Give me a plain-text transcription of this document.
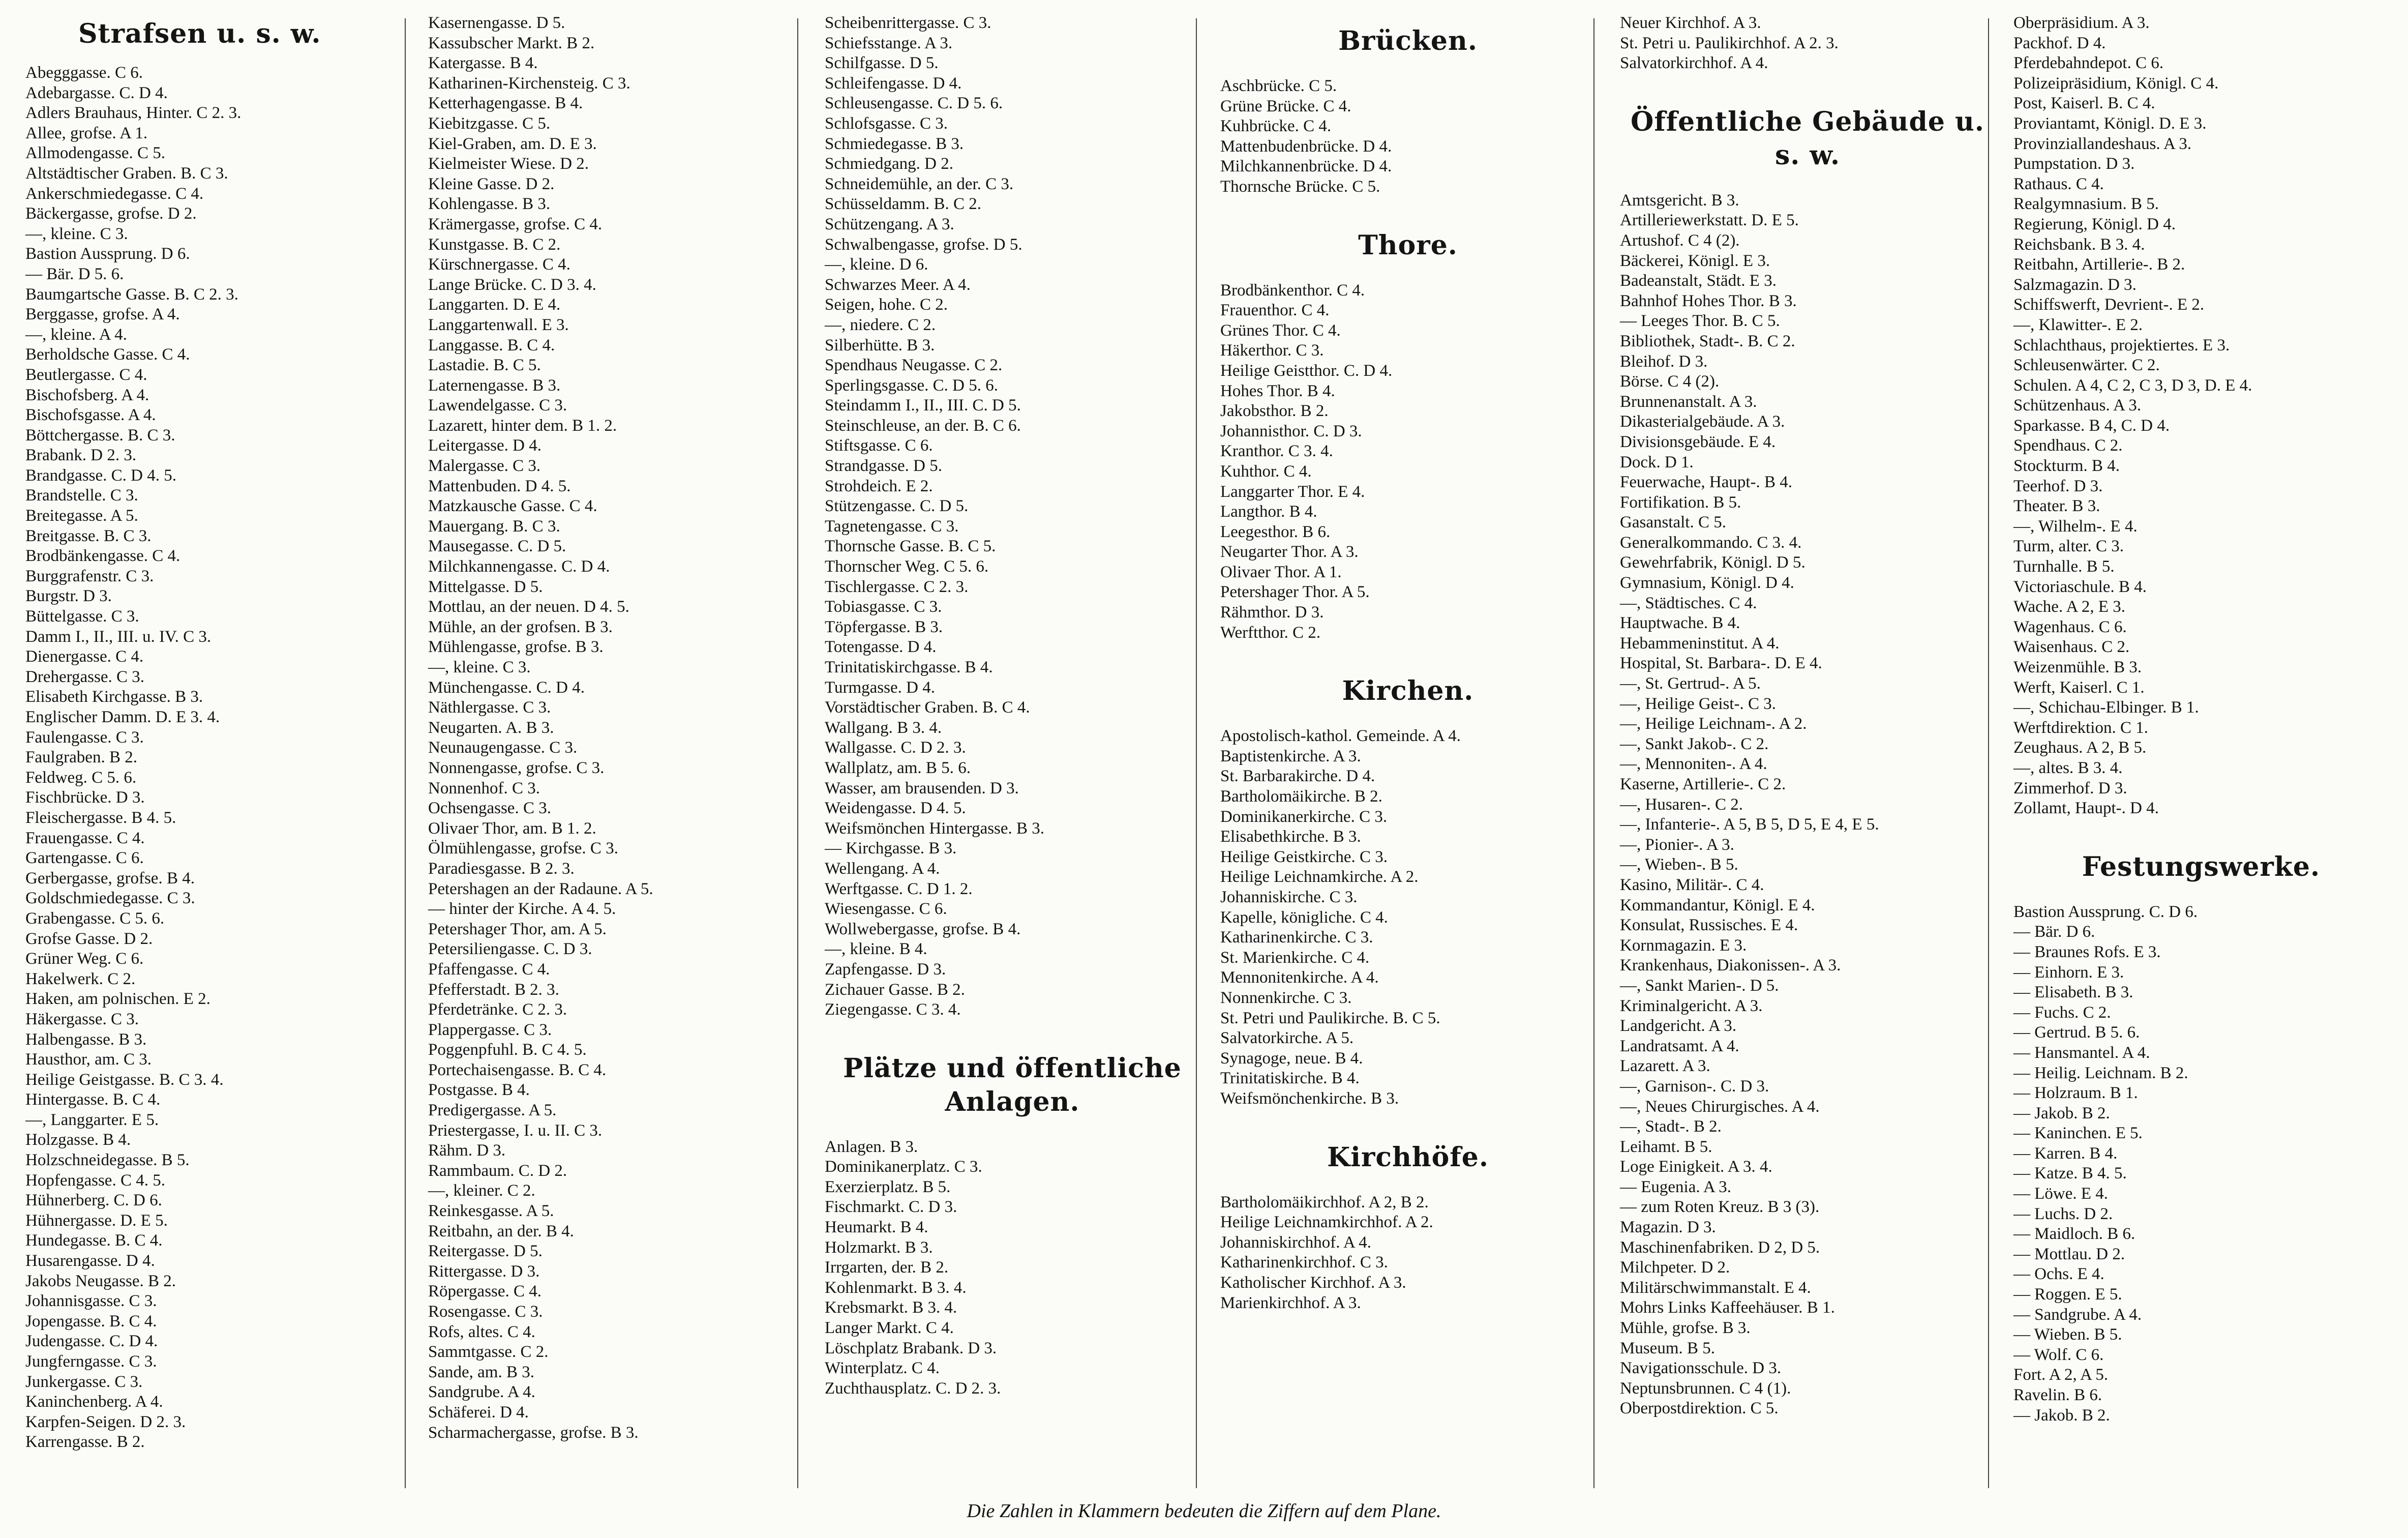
Strafsen u. s. w.
Abegggasse. C 6.
Adebargasse. C. D 4.
Adlers Brauhaus, Hinter. C 2. 3.
Allee, grofse. A 1.
Allmodengasse. C 5.
Altstädtischer Graben. B. C 3.
Ankerschmiedegasse. C 4.
Bäckergasse, grofse. D 2.
—, kleine. C 3.
Bastion Aussprung. D 6.
— Bär. D 5. 6.
Baumgartsche Gasse. B. C 2. 3.
Berggasse, grofse. A 4.
—, kleine. A 4.
Berholdsche Gasse. C 4.
Beutlergasse. C 4.
Bischofsberg. A 4.
Bischofsgasse. A 4.
Böttchergasse. B. C 3.
Brabank. D 2. 3.
Brandgasse. C. D 4. 5.
Brandstelle. C 3.
Breitegasse. A 5.
Breitgasse. B. C 3.
Brodbänkengasse. C 4.
Burggrafenstr. C 3.
Burgstr. D 3.
Büttelgasse. C 3.
Damm I., II., III. u. IV. C 3.
Dienergasse. C 4.
Drehergasse. C 3.
Elisabeth Kirchgasse. B 3.
Englischer Damm. D. E 3. 4.
Faulengasse. C 3.
Faulgraben. B 2.
Feldweg. C 5. 6.
Fischbrücke. D 3.
Fleischergasse. B 4. 5.
Frauengasse. C 4.
Gartengasse. C 6.
Gerbergasse, grofse. B 4.
Goldschmiedegasse. C 3.
Grabengasse. C 5. 6.
Grofse Gasse. D 2.
Grüner Weg. C 6.
Hakelwerk. C 2.
Haken, am polnischen. E 2.
Häkergasse. C 3.
Halbengasse. B 3.
Hausthor, am. C 3.
Heilige Geistgasse. B. C 3. 4.
Hintergasse. B. C 4.
—, Langgarter. E 5.
Holzgasse. B 4.
Holzschneidegasse. B 5.
Hopfengasse. C 4. 5.
Hühnerberg. C. D 6.
Hühnergasse. D. E 5.
Hundegasse. B. C 4.
Husarengasse. D 4.
Jakobs Neugasse. B 2.
Johannisgasse. C 3.
Jopengasse. B. C 4.
Judengasse. C. D 4.
Jungferngasse. C 3.
Junkergasse. C 3.
Kaninchenberg. A 4.
Karpfen-Seigen. D 2. 3.
Karrengasse. B 2.
Kasernengasse. D 5.
Kassubscher Markt. B 2.
Katergasse. B 4.
Katharinen-Kirchensteig. C 3.
Ketterhagengasse. B 4.
Kiebitzgasse. C 5.
Kiel-Graben, am. D. E 3.
Kielmeister Wiese. D 2.
Kleine Gasse. D 2.
Kohlengasse. B 3.
Krämergasse, grofse. C 4.
Kunstgasse. B. C 2.
Kürschnergasse. C 4.
Lange Brücke. C. D 3. 4.
Langgarten. D. E 4.
Langgartenwall. E 3.
Langgasse. B. C 4.
Lastadie. B. C 5.
Laternengasse. B 3.
Lawendelgasse. C 3.
Lazarett, hinter dem. B 1. 2.
Leitergasse. D 4.
Malergasse. C 3.
Mattenbuden. D 4. 5.
Matzkausche Gasse. C 4.
Mauergang. B. C 3.
Mausegasse. C. D 5.
Milchkannengasse. C. D 4.
Mittelgasse. D 5.
Mottlau, an der neuen. D 4. 5.
Mühle, an der grofsen. B 3.
Mühlengasse, grofse. B 3.
—, kleine. C 3.
Münchengasse. C. D 4.
Näthlergasse. C 3.
Neugarten. A. B 3.
Neunaugengasse. C 3.
Nonnengasse, grofse. C 3.
Nonnenhof. C 3.
Ochsengasse. C 3.
Olivaer Thor, am. B 1. 2.
Ölmühlengasse, grofse. C 3.
Paradiesgasse. B 2. 3.
Petershagen an der Radaune. A 5.
— hinter der Kirche. A 4. 5.
Petershager Thor, am. A 5.
Petersiliengasse. C. D 3.
Pfaffengasse. C 4.
Pfefferstadt. B 2. 3.
Pferdetränke. C 2. 3.
Plappergasse. C 3.
Poggenpfuhl. B. C 4. 5.
Portechaisengasse. B. C 4.
Postgasse. B 4.
Predigergasse. A 5.
Priestergasse, I. u. II. C 3.
Rähm. D 3.
Rammbaum. C. D 2.
—, kleiner. C 2.
Reinkesgasse. A 5.
Reitbahn, an der. B 4.
Reitergasse. D 5.
Rittergasse. D 3.
Röpergasse. C 4.
Rosengasse. C 3.
Rofs, altes. C 4.
Sammtgasse. C 2.
Sande, am. B 3.
Sandgrube. A 4.
Schäferei. D 4.
Scharmachergasse, grofse. B 3.
Scheibenrittergasse. C 3.
Schiefsstange. A 3.
Schilfgasse. D 5.
Schleifengasse. D 4.
Schleusengasse. C. D 5. 6.
Schlofsgasse. C 3.
Schmiedegasse. B 3.
Schmiedgang. D 2.
Schneidemühle, an der. C 3.
Schüsseldamm. B. C 2.
Schützengang. A 3.
Schwalbengasse, grofse. D 5.
—, kleine. D 6.
Schwarzes Meer. A 4.
Seigen, hohe. C 2.
—, niedere. C 2.
Silberhütte. B 3.
Spendhaus Neugasse. C 2.
Sperlingsgasse. C. D 5. 6.
Steindamm I., II., III. C. D 5.
Steinschleuse, an der. B. C 6.
Stiftsgasse. C 6.
Strandgasse. D 5.
Strohdeich. E 2.
Stützengasse. C. D 5.
Tagnetengasse. C 3.
Thornsche Gasse. B. C 5.
Thornscher Weg. C 5. 6.
Tischlergasse. C 2. 3.
Tobiasgasse. C 3.
Töpfergasse. B 3.
Totengasse. D 4.
Trinitatiskirchgasse. B 4.
Turmgasse. D 4.
Vorstädtischer Graben. B. C 4.
Wallgang. B 3. 4.
Wallgasse. C. D 2. 3.
Wallplatz, am. B 5. 6.
Wasser, am brausenden. D 3.
Weidengasse. D 4. 5.
Weifsmönchen Hintergasse. B 3.
— Kirchgasse. B 3.
Wellengang. A 4.
Werftgasse. C. D 1. 2.
Wiesengasse. C 6.
Wollwebergasse, grofse. B 4.
—, kleine. B 4.
Zapfengasse. D 3.
Zichauer Gasse. B 2.
Ziegengasse. C 3. 4.
Plätze und öffentliche Anlagen.
Anlagen. B 3.
Dominikanerplatz. C 3.
Exerzierplatz. B 5.
Fischmarkt. C. D 3.
Heumarkt. B 4.
Holzmarkt. B 3.
Irrgarten, der. B 2.
Kohlenmarkt. B 3. 4.
Krebsmarkt. B 3. 4.
Langer Markt. C 4.
Löschplatz Brabank. D 3.
Winterplatz. C 4.
Zuchthausplatz. C. D 2. 3.
Brücken.
Aschbrücke. C 5.
Grüne Brücke. C 4.
Kuhbrücke. C 4.
Mattenbudenbrücke. D 4.
Milchkannenbrücke. D 4.
Thornsche Brücke. C 5.
Thore.
Brodbänkenthor. C 4.
Frauenthor. C 4.
Grünes Thor. C 4.
Häkerthor. C 3.
Heilige Geistthor. C. D 4.
Hohes Thor. B 4.
Jakobsthor. B 2.
Johannisthor. C. D 3.
Kranthor. C 3. 4.
Kuhthor. C 4.
Langgarter Thor. E 4.
Langthor. B 4.
Leegesthor. B 6.
Neugarter Thor. A 3.
Olivaer Thor. A 1.
Petershager Thor. A 5.
Rähmthor. D 3.
Werftthor. C 2.
Kirchen.
Apostolisch-kathol. Gemeinde. A 4.
Baptistenkirche. A 3.
St. Barbarakirche. D 4.
Bartholomäikirche. B 2.
Dominikanerkirche. C 3.
Elisabethkirche. B 3.
Heilige Geistkirche. C 3.
Heilige Leichnamkirche. A 2.
Johanniskirche. C 3.
Kapelle, königliche. C 4.
Katharinenkirche. C 3.
St. Marienkirche. C 4.
Mennonitenkirche. A 4.
Nonnenkirche. C 3.
St. Petri und Paulikirche. B. C 5.
Salvatorkirche. A 5.
Synagoge, neue. B 4.
Trinitatiskirche. B 4.
Weifsmönchenkirche. B 3.
Kirchhöfe.
Bartholomäikirchhof. A 2, B 2.
Heilige Leichnamkirchhof. A 2.
Johanniskirchhof. A 4.
Katharinenkirchhof. C 3.
Katholischer Kirchhof. A 3.
Marienkirchhof. A 3.
Neuer Kirchhof. A 3.
St. Petri u. Paulikirchhof. A 2. 3.
Salvatorkirchhof. A 4.
Öffentliche Gebäude u. s. w.
Amtsgericht. B 3.
Artilleriewerkstatt. D. E 5.
Artushof. C 4 (2).
Bäckerei, Königl. E 3.
Badeanstalt, Städt. E 3.
Bahnhof Hohes Thor. B 3.
— Leeges Thor. B. C 5.
Bibliothek, Stadt-. B. C 2.
Bleihof. D 3.
Börse. C 4 (2).
Brunnenanstalt. A 3.
Dikasterialgebäude. A 3.
Divisionsgebäude. E 4.
Dock. D 1.
Feuerwache, Haupt-. B 4.
Fortifikation. B 5.
Gasanstalt. C 5.
Generalkommando. C 3. 4.
Gewehrfabrik, Königl. D 5.
Gymnasium, Königl. D 4.
—, Städtisches. C 4.
Hauptwache. B 4.
Hebammeninstitut. A 4.
Hospital, St. Barbara-. D. E 4.
—, St. Gertrud-. A 5.
—, Heilige Geist-. C 3.
—, Heilige Leichnam-. A 2.
—, Sankt Jakob-. C 2.
—, Mennoniten-. A 4.
Kaserne, Artillerie-. C 2.
—, Husaren-. C 2.
—, Infanterie-. A 5, B 5, D 5, E 4, E 5.
—, Pionier-. A 3.
—, Wieben-. B 5.
Kasino, Militär-. C 4.
Kommandantur, Königl. E 4.
Konsulat, Russisches. E 4.
Kornmagazin. E 3.
Krankenhaus, Diakonissen-. A 3.
—, Sankt Marien-. D 5.
Kriminalgericht. A 3.
Landgericht. A 3.
Landratsamt. A 4.
Lazarett. A 3.
—, Garnison-. C. D 3.
—, Neues Chirurgisches. A 4.
—, Stadt-. B 2.
Leihamt. B 5.
Loge Einigkeit. A 3. 4.
— Eugenia. A 3.
— zum Roten Kreuz. B 3 (3).
Magazin. D 3.
Maschinenfabriken. D 2, D 5.
Milchpeter. D 2.
Militärschwimmanstalt. E 4.
Mohrs Links Kaffeehäuser. B 1.
Mühle, grofse. B 3.
Museum. B 5.
Navigationsschule. D 3.
Neptunsbrunnen. C 4 (1).
Oberpostdirektion. C 5.
Oberpräsidium. A 3.
Packhof. D 4.
Pferdebahndepot. C 6.
Polizeipräsidium, Königl. C 4.
Post, Kaiserl. B. C 4.
Proviantamt, Königl. D. E 3.
Provinziallandeshaus. A 3.
Pumpstation. D 3.
Rathaus. C 4.
Realgymnasium. B 5.
Regierung, Königl. D 4.
Reichsbank. B 3. 4.
Reitbahn, Artillerie-. B 2.
Salzmagazin. D 3.
Schiffswerft, Devrient-. E 2.
—, Klawitter-. E 2.
Schlachthaus, projektiertes. E 3.
Schleusenwärter. C 2.
Schulen. A 4, C 2, C 3, D 3, D. E 4.
Schützenhaus. A 3.
Sparkasse. B 4, C. D 4.
Spendhaus. C 2.
Stockturm. B 4.
Teerhof. D 3.
Theater. B 3.
—, Wilhelm-. E 4.
Turm, alter. C 3.
Turnhalle. B 5.
Victoriaschule. B 4.
Wache. A 2, E 3.
Wagenhaus. C 6.
Waisenhaus. C 2.
Weizenmühle. B 3.
Werft, Kaiserl. C 1.
—, Schichau-Elbinger. B 1.
Werftdirektion. C 1.
Zeughaus. A 2, B 5.
—, altes. B 3. 4.
Zimmerhof. D 3.
Zollamt, Haupt-. D 4.
Festungswerke.
Bastion Aussprung. C. D 6.
— Bär. D 6.
— Braunes Rofs. E 3.
— Einhorn. E 3.
— Elisabeth. B 3.
— Fuchs. C 2.
— Gertrud. B 5. 6.
— Hansmantel. A 4.
— Heilig. Leichnam. B 2.
— Holzraum. B 1.
— Jakob. B 2.
— Kaninchen. E 5.
— Karren. B 4.
— Katze. B 4. 5.
— Löwe. E 4.
— Luchs. D 2.
— Maidloch. B 6.
— Mottlau. D 2.
— Ochs. E 4.
— Roggen. E 5.
— Sandgrube. A 4.
— Wieben. B 5.
— Wolf. C 6.
Fort. A 2, A 5.
Ravelin. B 6.
— Jakob. B 2.
Die Zahlen in Klammern bedeuten die Ziffern auf dem Plane.
